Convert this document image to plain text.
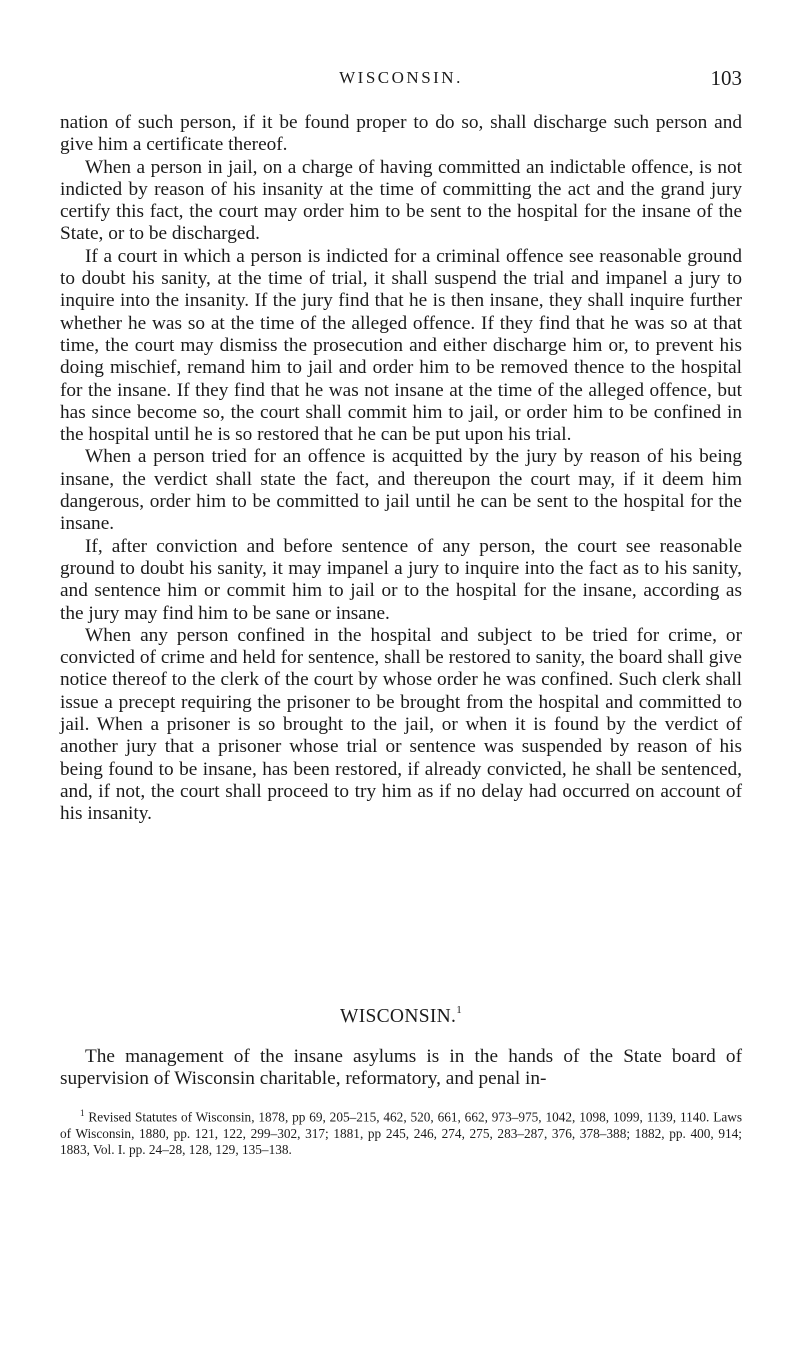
WISCONSIN.	103

nation of such person, if it be found proper to do so, shall discharge such person and give him a certificate thereof.

When a person in jail, on a charge of having committed an indictable offence, is not indicted by reason of his insanity at the time of committing the act and the grand jury certify this fact, the court may order him to be sent to the hospital for the insane of the State, or to be discharged.

If a court in which a person is indicted for a criminal offence see reasonable ground to doubt his sanity, at the time of trial, it shall suspend the trial and impanel a jury to inquire into the insanity. If the jury find that he is then insane, they shall inquire further whether he was so at the time of the alleged offence. If they find that he was so at that time, the court may dismiss the prosecution and either discharge him or, to prevent his doing mischief, remand him to jail and order him to be removed thence to the hospital for the insane. If they find that he was not insane at the time of the alleged offence, but has since become so, the court shall commit him to jail, or order him to be confined in the hospital until he is so restored that he can be put upon his trial.

When a person tried for an offence is acquitted by the jury by reason of his being insane, the verdict shall state the fact, and thereupon the court may, if it deem him dangerous, order him to be committed to jail until he can be sent to the hospital for the insane.

If, after conviction and before sentence of any person, the court see reasonable ground to doubt his sanity, it may impanel a jury to inquire into the fact as to his sanity, and sentence him or commit him to jail or to the hospital for the insane, according as the jury may find him to be sane or insane.

When any person confined in the hospital and subject to be tried for crime, or convicted of crime and held for sentence, shall be restored to sanity, the board shall give notice thereof to the clerk of the court by whose order he was confined. Such clerk shall issue a precept requiring the prisoner to be brought from the hospital and committed to jail. When a prisoner is so brought to the jail, or when it is found by the verdict of another jury that a prisoner whose trial or sentence was suspended by reason of his being found to be insane, has been restored, if already convicted, he shall be sentenced, and, if not, the court shall proceed to try him as if no delay had occurred on account of his insanity.

WISCONSIN.$^1$

The management of the insane asylums is in the hands of the State board of supervision of Wisconsin charitable, reformatory, and penal in-

$^1$ Revised Statutes of Wisconsin, 1878, pp 69, 205–215, 462, 520, 661, 662, 973–975, 1042, 1098, 1099, 1139, 1140. Laws of Wisconsin, 1880, pp. 121, 122, 299–302, 317; 1881, pp 245, 246, 274, 275, 283–287, 376, 378–388; 1882, pp. 400, 914; 1883, Vol. I. pp. 24–28, 128, 129, 135–138.
